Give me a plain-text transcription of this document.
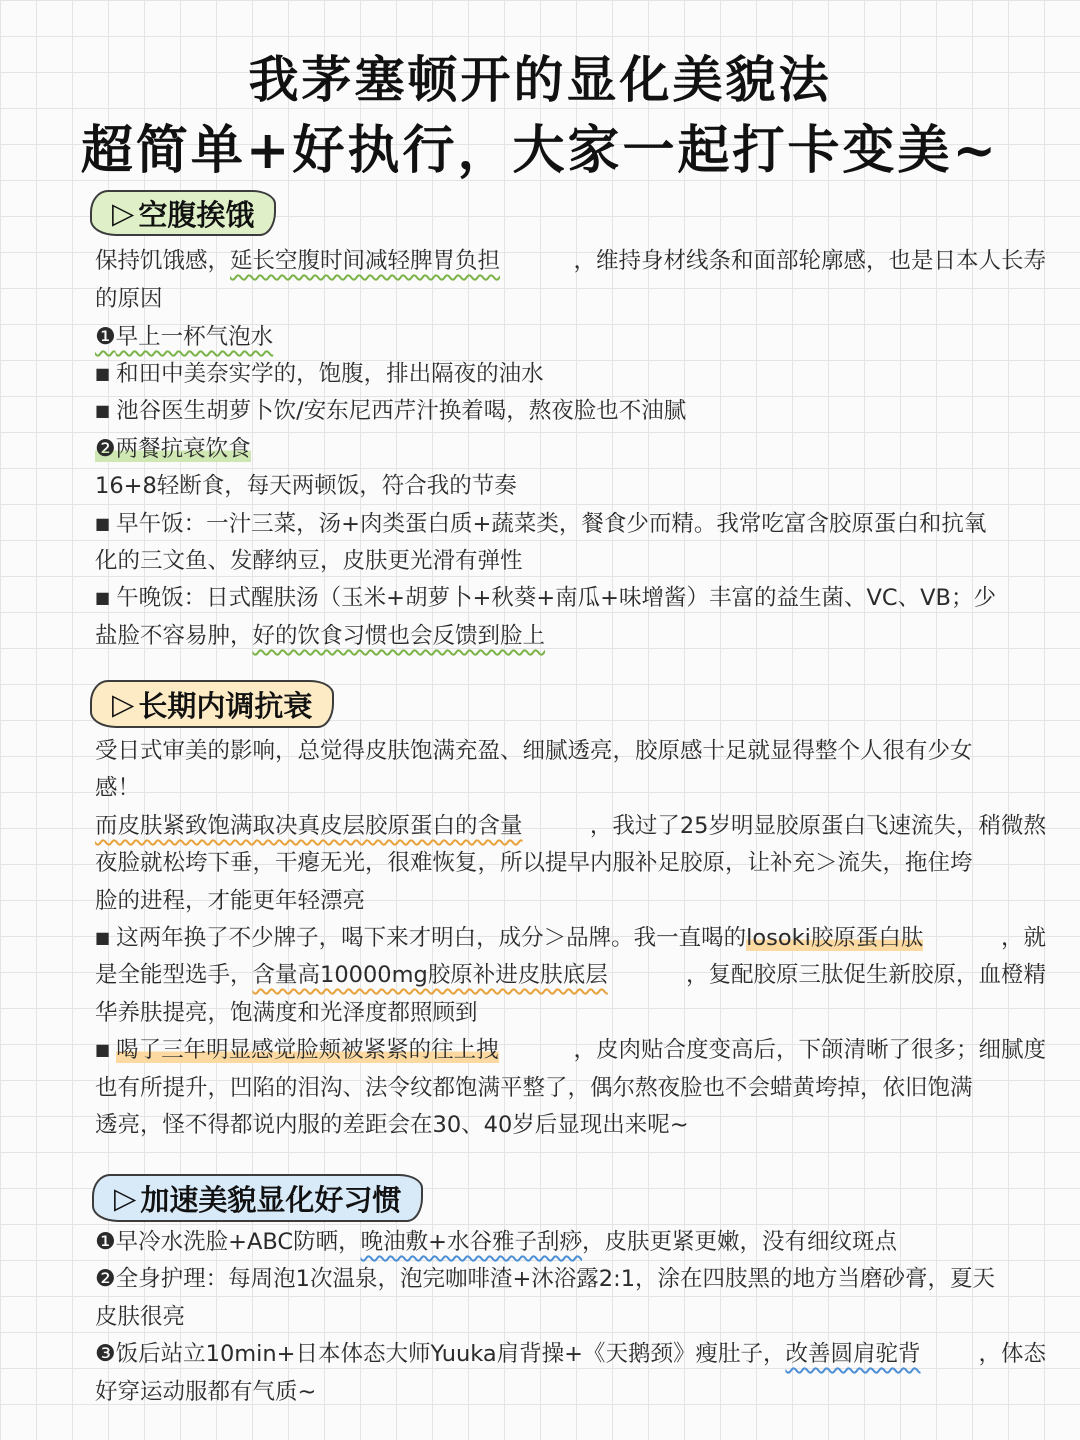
我茅塞顿开的显化美貌法
超简单+好执行，大家一起打卡变美~
▷ 空腹挨饿
保持饥饿感，延长空腹时间减轻脾胃负担	，维持身材线条和面部轮廓感，也是日本人长寿
的原因
❶早上一杯气泡水
■ 和田中美奈实学的，饱腹，排出隔夜的油水
■ 池谷医生胡萝卜饮/安东尼西芹汁换着喝，熬夜脸也不油腻
❷两餐抗衰饮食
16+8轻断食，每天两顿饭，符合我的节奏
■ 早午饭：一汁三菜，汤+肉类蛋白质+蔬菜类，餐食少而精。我常吃富含胶原蛋白和抗氧
化的三文鱼、发酵纳豆，皮肤更光滑有弹性
■ 午晚饭：日式醒肤汤（玉米+胡萝卜+秋葵+南瓜+味增酱）丰富的益生菌、VC、VB；少
盐脸不容易肿，好的饮食习惯也会反馈到脸上
▷ 长期内调抗衰
受日式审美的影响，总觉得皮肤饱满充盈、细腻透亮，胶原感十足就显得整个人很有少女
感！
而皮肤紧致饱满取决真皮层胶原蛋白的含量	，我过了25岁明显胶原蛋白飞速流失，稍微熬
夜脸就松垮下垂，干瘪无光，很难恢复，所以提早内服补足胶原，让补充＞流失，拖住垮
脸的进程，才能更年轻漂亮
■ 这两年换了不少牌子，喝下来才明白，成分＞品牌。我一直喝的losoki胶原蛋白肽	，就
是全能型选手，含量高10000mg胶原补进皮肤底层	，复配胶原三肽促生新胶原，血橙精
华养肤提亮，饱满度和光泽度都照顾到
■ 喝了三年明显感觉脸颊被紧紧的往上拽	，皮肉贴合度变高后，下颌清晰了很多；细腻度
也有所提升，凹陷的泪沟、法令纹都饱满平整了，偶尔熬夜脸也不会蜡黄垮掉，依旧饱满
透亮，怪不得都说内服的差距会在30、40岁后显现出来呢~
▷ 加速美貌显化好习惯
❶早冷水洗脸+ABC防晒，晚油敷+水谷雅子刮痧，皮肤更紧更嫩，没有细纹斑点
❷全身护理：每周泡1次温泉，泡完咖啡渣+沐浴露2:1，涂在四肢黑的地方当磨砂膏，夏天
皮肤很亮
❸饭后站立10min+日本体态大师Yuuka肩背操+《天鹅颈》瘦肚子，改善圆肩驼背	，体态
好穿运动服都有气质~
